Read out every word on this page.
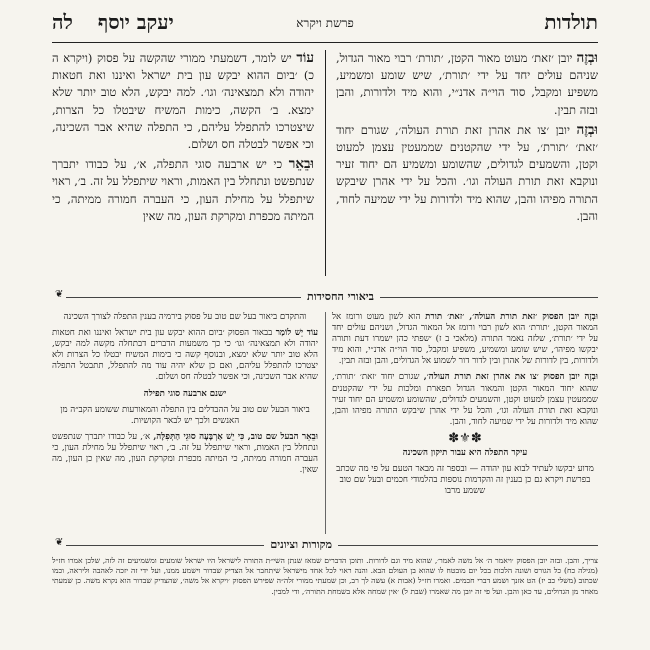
תולדות
פרשת ויקרא
יעקב יוסף לה

וּבְזֶה יובן ׳זאת׳ מעוט מאור הקטן, ׳תורת׳ רבוי מאור הגדול, שניהם עולים יחד על ידי ׳תורת׳, שיש שומע ומשמיע, משפיע ומקבל, סוד הוי״ה אדנ״י, והוא מיד ולדורות, והבן ובזה תבין.

וּבְזֶה יובן ׳צו את אהרן זאת תורת העולה׳, שגורם יחוד ׳זאת׳ ׳תורת׳, על ידי שהקטנים שממעטין עצמן למעוט וקטן, והשמעים לגדולים, שהשומע ומשמיע הם יחוד זעיר ונוקבא זאת תורת העולה וגו׳. והכל על ידי אהרן שיבקש התורה מפיהו והבן, שהוא מיד ולדורות על ידי שמיעה לחוד, והבן.

עוֹד יש לומר, דשמעתי ממורי שהקשה על פסוק (ויקרא ה כ) ׳ביום ההוא יבקש עון בית ישראל ואיננו ואת חטאות יהודה ולא תמצאינה׳ וגו׳. למה יבקש, הלא טוב יותר שלא ימצא. ב׳ הקשה, כימות המשיח שיבטלו כל הצרות, שיצטרכו להתפלל עליהם, כי התפלה שהיא אבר השכינה, וכי אפשר לבטלה חס ושלום.

וּבֵאֵר כי יש ארבעה סוגי התפלה, א׳, על כבודו יתברך שנתפשט ונתחלל בין האמות, וראוי שיתפלל על זה. ב׳, ראוי שיתפלל על מחילת העון, כי העברה חמורה ממיתה, כי המיתה מכפרת ומקרקת העון, מה שאין

ביאורי החסידות
❦

וּבְזֶה יובן הפסוק ׳זאת תורת העולה׳, ׳זאת׳ תורת הוא לשון מעוט ורומז אל המאור הקטן, ׳תורת׳ הוא לשון רבוי ורומז אל המאור הגדול, ושניהם עולים יחד על ידי ׳תורת׳, שלזה נאמר התורה (מלאכי ב ז) ׳שפתי כהן ישמרו דעת ותורה יבקשו מפיהו׳, שיש שומע ומשמיע, משפיע ומקבל, סוד הוי״ה אדנ״י, והוא מיד ולדורות, בין לדורות של אהרן ובין לדור דור לשמוע אל הגדולים, והבן ובזה תבין.

וּבְזֶה יובן הפסוק ׳צו את אהרן זאת תורת העולה׳, שגורם יחוד ׳זאת׳ ׳תורת׳, שהוא יחוד המאור הקטן והמאור הגדול תפארת ומלכות על ידי שהקטנים שממעטין עצמן למעוט וקטן, והשמעים לגדולים, שהשומע ומשמיע הם יחוד זעיר ונוקבא זאת תורת העולה וגו׳, והכל על ידי אהרן שיבקש התורה מפיהו והבן, שהוא מיד ולדורות על ידי שמיעה לחוד, והבן.

✽⚜✽

עיקר התפלה היא עבור תיקון השכינה

מדוע יבקשו לעתיד לבוא עון יהודה — ובספר זה מבאר הטעם על פי מה שכתב בפרשת ויקרא גם כן בענין זה והקדמות נוספות בהלמודי חכמים ובעל שם טוב ששמע מרבו

והתקדם ביאור בעל שם טוב על פסוק בירמיה בענין התפלה לצורך השכינה

עוֹד יֵשׁ לוֹמַר בבאור הפסוק ׳ביום ההוא יבקש עון בית ישראל ואיננו ואת חטאות יהודה ולא תמצאינה׳ וגו׳ כי כך משמעות הדברים דבתחלה מקשה למה יבקש, הלא טוב יותר שלא ימצא, ובנוסף קשה כי בימות המשיח יבטלו כל הצרות ולא יצטרכו להתפלל עליהם, ואם כן שלא יהיה עוד מה להתפלל, תתבטל התפלה שהיא אבר השכינה, וכי אפשר לבטלה חס ושלום.

ישנם ארבעה סוגי תפילה

ביאור הבעל שם טוב על ההבדלים בין התפלה והמאורעות ששומע הקב״ה מן האנשים ולכך יש לבאר הקושיות.

וּבֵאֵר הבעל שם טוב, כִּי יֵשׁ אַרְבָּעָה סוּגֵי הַתְּפִלָּה, א׳, על כבודו יתברך שנתפשט ונתחלל בין האמות, וראוי שיתפלל על זה. ב׳, ראוי שיתפלל על מחילת העון, כי העברה חמורה ממיתה, כי המיתה מכפרת ומקרקת העון, מה שאין כן העון, מה שאין.

מקורות וציונים
❦

צריך, והבן. ובזה יובן הפסוק ׳ויאמר ה׳ אל משה לאמר׳, שהוא מיד וגם לדורות. ותוכן הדברים שמאז שנתן השי״ת התורה לישראל היו ישראל שומעים ומשמיעים זה לזה, שלכן אמרו חז״ל (מגילה כח) כל הגורס ושונה הלכות בכל יום מובטח לו שהוא בן העולם הבא. והנה ראוי לכל אחד מישראל שיתחבר אל הצדיק שבדור וישמע ממנו, ועל ידי זה יזכה לאהבה וליראה, וכמו שכתוב (משלי כב יז) הט אזנך ושמע דברי חכמים. ואמרו חז״ל (אבות א) עשה לך רב, וכן שמעתי ממורי זלה״ה שפירש הפסוק ׳ויקרא אל משה׳, שהצדיק שבדור הוא נקרא משה. כן שמעתי מאחד מן הגדולים, עד כאן והבן. ועל פי זה יובן מה שאמרו (שבת ל) ׳אין שמחה אלא בשמחת התורה׳, ודי למבין.
